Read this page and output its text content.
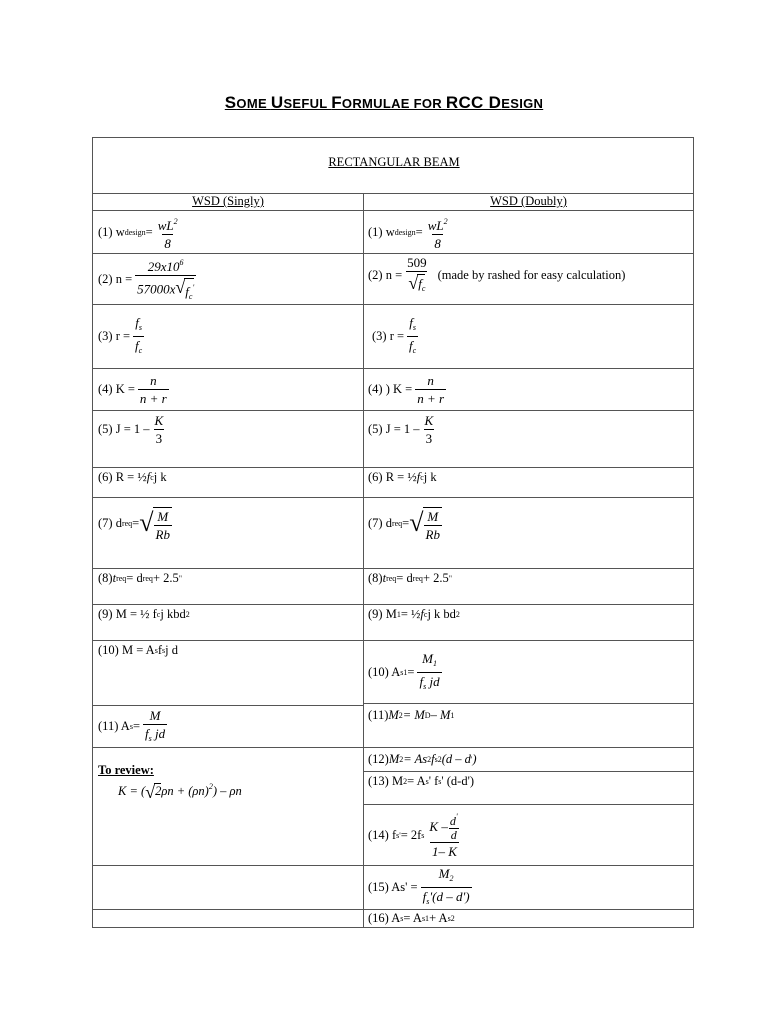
SOME USEFUL FORMULAE FOR RCC DESIGN
RECTANGULAR BEAM
WSD (Singly)	WSD (Doubly)
(1) w design = $\frac{wL^2}{8}$
(2) $n = \frac{29x10^6}{57000x √ f_c'}$
(3) $r = \frac{f_s}{f_c}$
(4) $K = \frac{n}{n + r}$
(5) $J = 1 - \frac{K}{3}$
(6) R = ½ f c j k
(7) d req = √ $\frac{M}{Rb}$
(8) t req = d req + 2.5 "
(9) M = ½ f c j kbd 2
(10) M = A s f s j d
(11) A $s = \frac{M}{f_s jd}$
To review:
K = ( √ 2 $\rho n + (\rho n)^2) - \rho n$
(1) w design = $\frac{wL^2}{8}$
(2) $n = \frac{509}{√ f_c}$ (made by rashed for easy calculation)
(3) $r = \frac{f_s}{f_c}$
(4) ) $K = \frac{n}{n + r}$
(5) $J = 1 - \frac{K}{3}$
(6) R = ½ f c j k
(7) d req = √ $\frac{M}{Rb}$
(8) t req = d req + 2.5 "
(9) M 1 = ½ f c j k bd 2
(10) A $s1 = \frac{M_1}{f_s jd}$
(11) M 2 = M D – M 1
(12) M 2 = As 2 f s2 (d – d ' )
(13) M 2 = A s ' f s ' (d-d')
(14) f s ' = 2f s $\frac{K - \frac{d'}{d}}{1- K}$
(15) $As' = \frac{M_2}{f_s'(d - d')}$
(16) A s = A s1 + A s2
